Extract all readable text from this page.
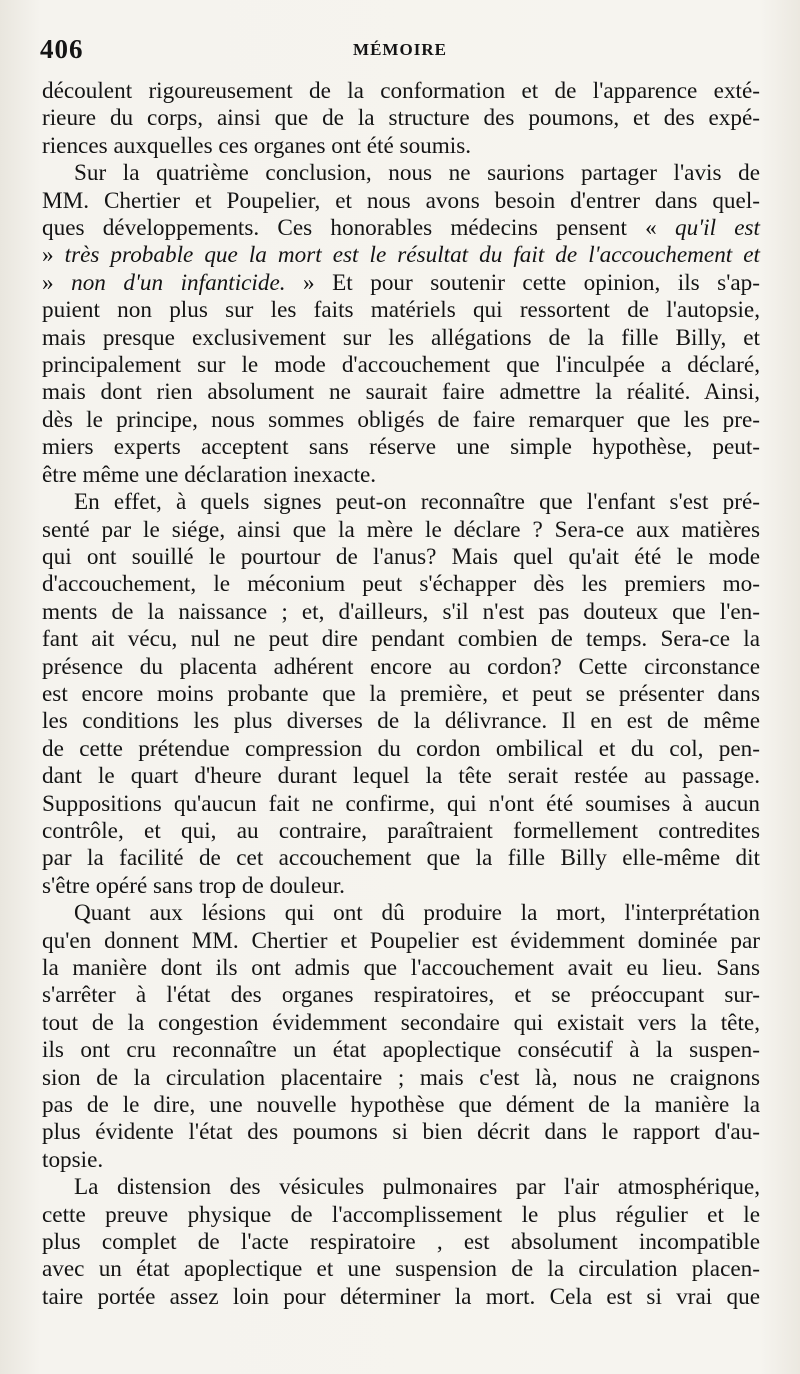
406	MÉMOIRE
découlent rigoureusement de la conformation et de l'apparence exté-
rieure du corps, ainsi que de la structure des poumons, et des expé-
riences auxquelles ces organes ont été soumis.
Sur la quatrième conclusion, nous ne saurions partager l'avis de
MM. Chertier et Poupelier, et nous avons besoin d'entrer dans quel-
ques développements. Ces honorables médecins pensent « qu'il est
» très probable que la mort est le résultat du fait de l'accouchement et
» non d'un infanticide. » Et pour soutenir cette opinion, ils s'ap-
puient non plus sur les faits matériels qui ressortent de l'autopsie,
mais presque exclusivement sur les allégations de la fille Billy, et
principalement sur le mode d'accouchement que l'inculpée a déclaré,
mais dont rien absolument ne saurait faire admettre la réalité. Ainsi,
dès le principe, nous sommes obligés de faire remarquer que les pre-
miers experts acceptent sans réserve une simple hypothèse, peut-
être même une déclaration inexacte.
En effet, à quels signes peut-on reconnaître que l'enfant s'est pré-
senté par le siége, ainsi que la mère le déclare ? Sera-ce aux matières
qui ont souillé le pourtour de l'anus? Mais quel qu'ait été le mode
d'accouchement, le méconium peut s'échapper dès les premiers mo-
ments de la naissance ; et, d'ailleurs, s'il n'est pas douteux que l'en-
fant ait vécu, nul ne peut dire pendant combien de temps. Sera-ce la
présence du placenta adhérent encore au cordon? Cette circonstance
est encore moins probante que la première, et peut se présenter dans
les conditions les plus diverses de la délivrance. Il en est de même
de cette prétendue compression du cordon ombilical et du col, pen-
dant le quart d'heure durant lequel la tête serait restée au passage.
Suppositions qu'aucun fait ne confirme, qui n'ont été soumises à aucun
contrôle, et qui, au contraire, paraîtraient formellement contredites
par la facilité de cet accouchement que la fille Billy elle-même dit
s'être opéré sans trop de douleur.
Quant aux lésions qui ont dû produire la mort, l'interprétation
qu'en donnent MM. Chertier et Poupelier est évidemment dominée par
la manière dont ils ont admis que l'accouchement avait eu lieu. Sans
s'arrêter à l'état des organes respiratoires, et se préoccupant sur-
tout de la congestion évidemment secondaire qui existait vers la tête,
ils ont cru reconnaître un état apoplectique consécutif à la suspen-
sion de la circulation placentaire ; mais c'est là, nous ne craignons
pas de le dire, une nouvelle hypothèse que dément de la manière la
plus évidente l'état des poumons si bien décrit dans le rapport d'au-
topsie.
La distension des vésicules pulmonaires par l'air atmosphérique,
cette preuve physique de l'accomplissement le plus régulier et le
plus complet de l'acte respiratoire , est absolument incompatible
avec un état apoplectique et une suspension de la circulation placen-
taire portée assez loin pour déterminer la mort. Cela est si vrai que
